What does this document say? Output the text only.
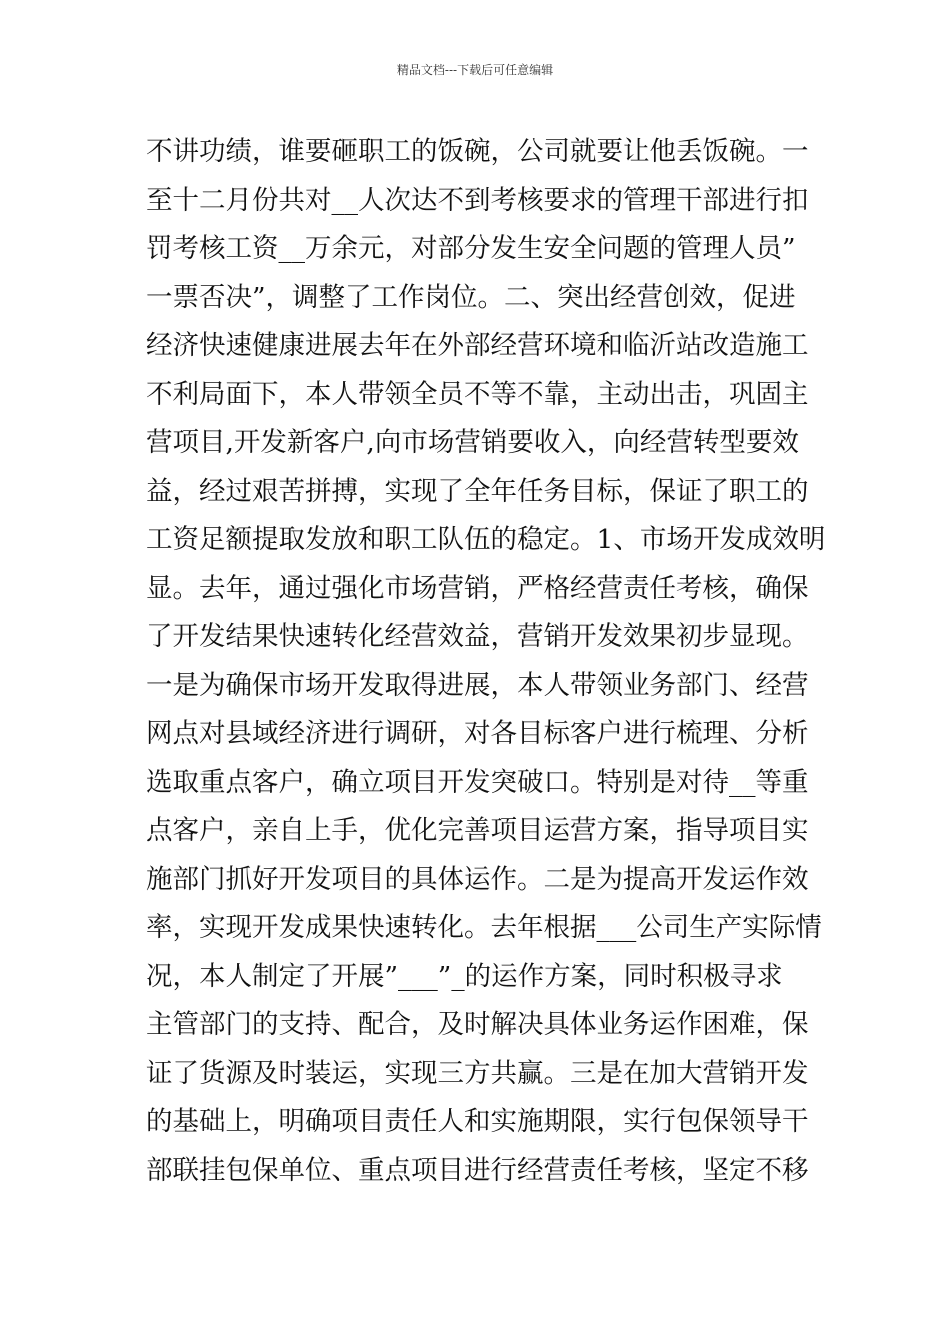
精品文档---下载后可任意编辑
不讲功绩，谁要砸职工的饭碗，公司就要让他丢饭碗。一
至十二月份共对__人次达不到考核要求的管理干部进行扣
罚考核工资__万余元，对部分发生安全问题的管理人员”
一票否决”，调整了工作岗位。二、突出经营创效，促进
经济快速健康进展去年在外部经营环境和临沂站改造施工
不利局面下，本人带领全员不等不靠，主动出击，巩固主
营项目,开发新客户,向市场营销要收入，向经营转型要效
益，经过艰苦拼搏，实现了全年任务目标，保证了职工的
工资足额提取发放和职工队伍的稳定。1、市场开发成效明
显。去年，通过强化市场营销，严格经营责任考核，确保
了开发结果快速转化经营效益，营销开发效果初步显现。
一是为确保市场开发取得进展，本人带领业务部门、经营
网点对县域经济进行调研，对各目标客户进行梳理、分析
选取重点客户，确立项目开发突破口。特别是对待__等重
点客户，亲自上手，优化完善项目运营方案，指导项目实
施部门抓好开发项目的具体运作。二是为提高开发运作效
率，实现开发成果快速转化。去年根据___公司生产实际情
况，本人制定了开展”___”_的运作方案，同时积极寻求
主管部门的支持、配合，及时解决具体业务运作困难，保
证了货源及时装运，实现三方共赢。三是在加大营销开发
的基础上，明确项目责任人和实施期限，实行包保领导干
部联挂包保单位、重点项目进行经营责任考核，坚定不移
